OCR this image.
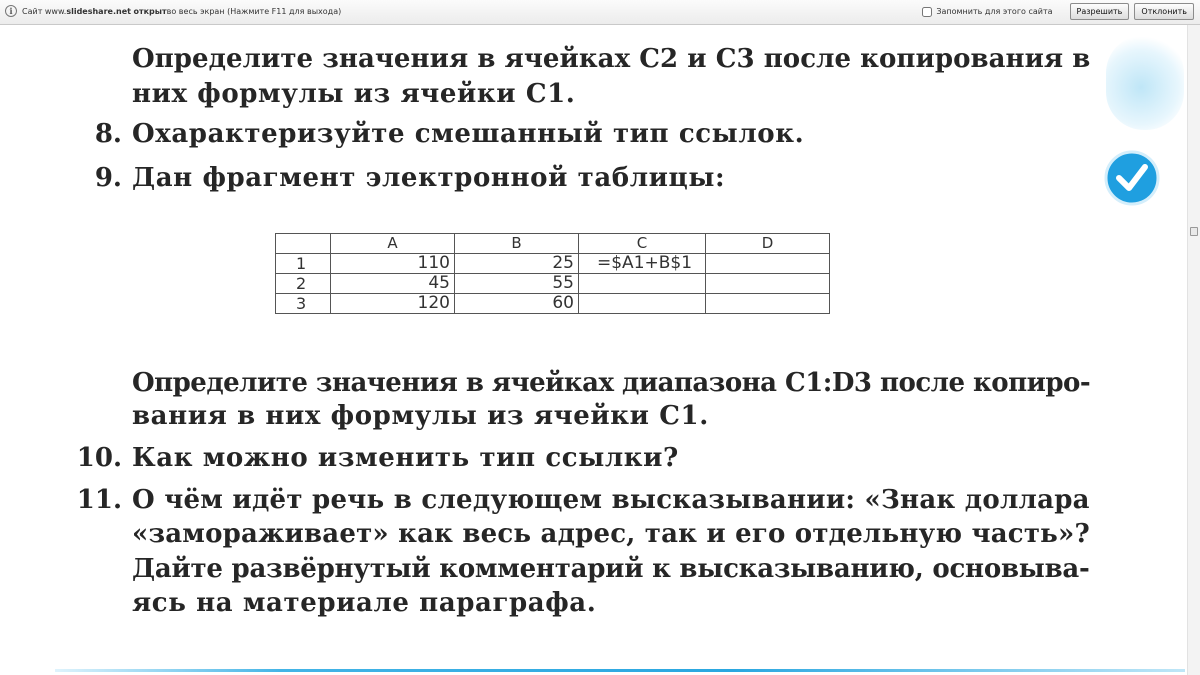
i	Сайт www. slideshare.net
открыт во весь экран (Нажмите F11 для выхода)	Запомнить для этого сайта	Разрешить	Отклонить
Определите значения в ячейках C2 и C3 после копирования в
них формулы из ячейки C1.
8. Охарактеризуйте смешанный тип ссылок.
9. Дан фрагмент электронной таблицы:
	A	B	C	D
1	110	25	=$A1+B$1	
2	45	55		
3	120	60		
Определите значения в ячейках диапазона C1:D3 после копиро-
вания в них формулы из ячейки C1.
10. Как можно изменить тип ссылки?
11. О чём идёт речь в следующем высказывании: «Знак доллара
«замораживает» как весь адрес, так и его отдельную часть»?
Дайте развёрнутый комментарий к высказыванию, основыва-
ясь на материале параграфа.
